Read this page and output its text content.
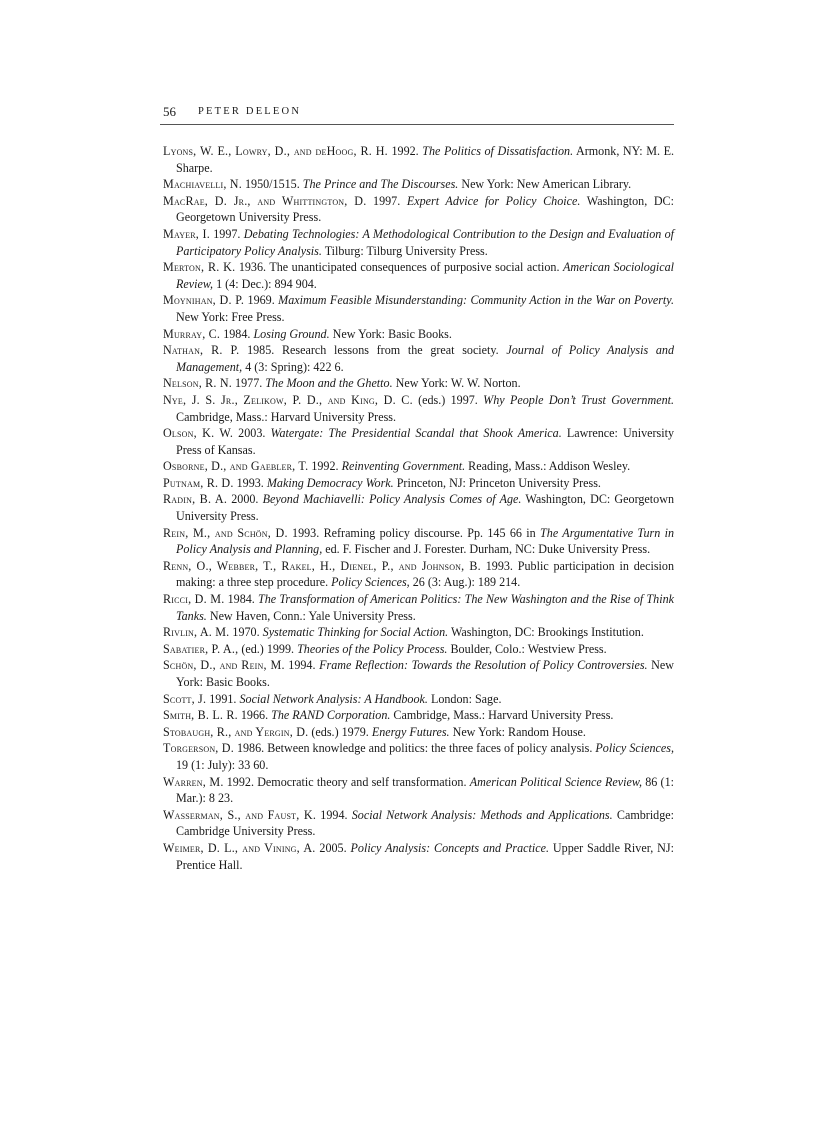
56 PETER DELEON
Lyons, W. E., Lowry, D., and deHoog, R. H. 1992. The Politics of Dissatisfaction. Armonk, NY: M. E. Sharpe.
Machiavelli, N. 1950/1515. The Prince and The Discourses. New York: New American Library.
MacRae, D. Jr., and Whittington, D. 1997. Expert Advice for Policy Choice. Washington, DC: Georgetown University Press.
Mayer, I. 1997. Debating Technologies: A Methodological Contribution to the Design and Evaluation of Participatory Policy Analysis. Tilburg: Tilburg University Press.
Merton, R. K. 1936. The unanticipated consequences of purposive social action. American Sociological Review, 1 (4: Dec.): 894 904.
Moynihan, D. P. 1969. Maximum Feasible Misunderstanding: Community Action in the War on Poverty. New York: Free Press.
Murray, C. 1984. Losing Ground. New York: Basic Books.
Nathan, R. P. 1985. Research lessons from the great society. Journal of Policy Analysis and Management, 4 (3: Spring): 422 6.
Nelson, R. N. 1977. The Moon and the Ghetto. New York: W. W. Norton.
Nye, J. S. Jr., Zelikow, P. D., and King, D. C. (eds.) 1997. Why People Don’t Trust Government. Cambridge, Mass.: Harvard University Press.
Olson, K. W. 2003. Watergate: The Presidential Scandal that Shook America. Lawrence: University Press of Kansas.
Osborne, D., and Gaebler, T. 1992. Reinventing Government. Reading, Mass.: Addison Wesley.
Putnam, R. D. 1993. Making Democracy Work. Princeton, NJ: Princeton University Press.
Radin, B. A. 2000. Beyond Machiavelli: Policy Analysis Comes of Age. Washington, DC: Georgetown University Press.
Rein, M., and Schön, D. 1993. Reframing policy discourse. Pp. 145 66 in The Argumentative Turn in Policy Analysis and Planning, ed. F. Fischer and J. Forester. Durham, NC: Duke University Press.
Renn, O., Webber, T., Rakel, H., Dienel, P., and Johnson, B. 1993. Public participation in decision making: a three step procedure. Policy Sciences, 26 (3: Aug.): 189 214.
Ricci, D. M. 1984. The Transformation of American Politics: The New Washington and the Rise of Think Tanks. New Haven, Conn.: Yale University Press.
Rivlin, A. M. 1970. Systematic Thinking for Social Action. Washington, DC: Brookings Institution.
Sabatier, P. A., (ed.) 1999. Theories of the Policy Process. Boulder, Colo.: Westview Press.
Schön, D., and Rein, M. 1994. Frame Reflection: Towards the Resolution of Policy Controversies. New York: Basic Books.
Scott, J. 1991. Social Network Analysis: A Handbook. London: Sage.
Smith, B. L. R. 1966. The RAND Corporation. Cambridge, Mass.: Harvard University Press.
Stobaugh, R., and Yergin, D. (eds.) 1979. Energy Futures. New York: Random House.
Torgerson, D. 1986. Between knowledge and politics: the three faces of policy analysis. Policy Sciences, 19 (1: July): 33 60.
Warren, M. 1992. Democratic theory and self transformation. American Political Science Review, 86 (1: Mar.): 8 23.
Wasserman, S., and Faust, K. 1994. Social Network Analysis: Methods and Applications. Cambridge: Cambridge University Press.
Weimer, D. L., and Vining, A. 2005. Policy Analysis: Concepts and Practice. Upper Saddle River, NJ: Prentice Hall.
